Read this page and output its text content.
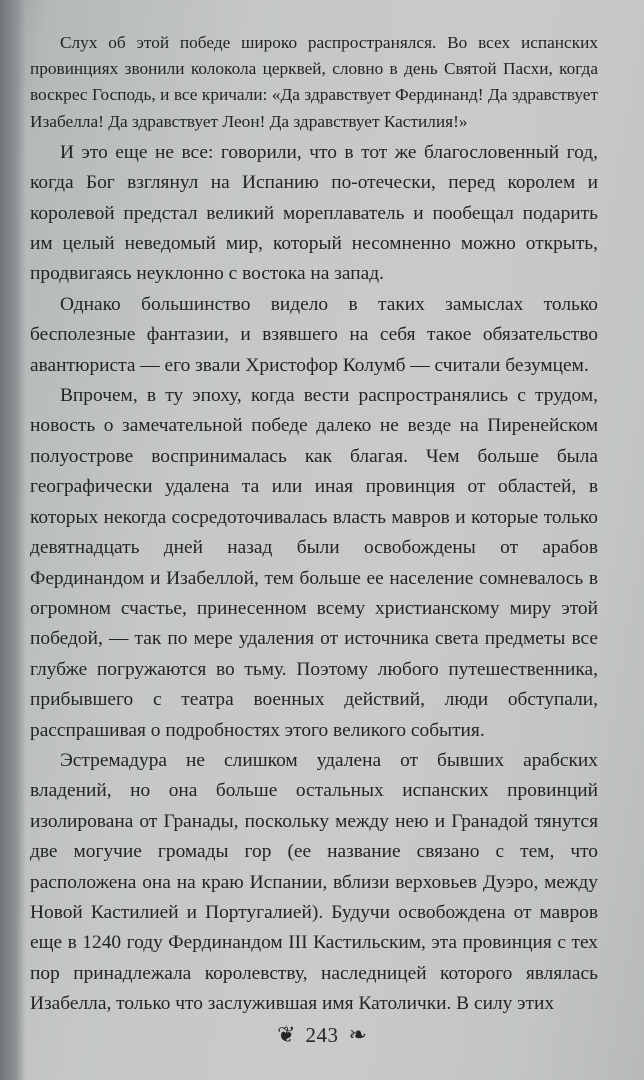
Слух об этой победе широко распространялся. Во всех испанских провинциях звонили колокола церквей, словно в день Святой Пасхи, когда воскрес Господь, и все кричали: «Да здравствует Фердинанд! Да здравствует Изабелла! Да здравствует Леон! Да здравствует Кастилия!»

И это еще не все: говорили, что в тот же благословенный год, когда Бог взглянул на Испанию по-отечески, перед королем и королевой предстал великий мореплаватель и пообещал подарить им целый неведомый мир, который несомненно можно открыть, продвигаясь неуклонно с востока на запад.

Однако большинство видело в таких замыслах только бесполезные фантазии, и взявшего на себя такое обязательство авантюриста — его звали Христофор Колумб — считали безумцем.

Впрочем, в ту эпоху, когда вести распространялись с трудом, новость о замечательной победе далеко не везде на Пиренейском полуострове воспринималась как благая. Чем больше была географически удалена та или иная провинция от областей, в которых некогда сосредоточивалась власть мавров и которые только девятнадцать дней назад были освобождены от арабов Фердинандом и Изабеллой, тем больше ее население сомневалось в огромном счастье, принесенном всему христианскому миру этой победой, — так по мере удаления от источника света предметы все глубже погружаются во тьму. Поэтому любого путешественника, прибывшего с театра военных действий, люди обступали, расспрашивая о подробностях этого великого события.

Эстремадура не слишком удалена от бывших арабских владений, но она больше остальных испанских провинций изолирована от Гранады, поскольку между нею и Гранадой тянутся две могучие громады гор (ее название связано с тем, что расположена она на краю Испании, вблизи верховьев Дуэро, между Новой Кастилией и Португалией). Будучи освобождена от мавров еще в 1240 году Фердинандом III Кастильским, эта провинция с тех пор принадлежала королевству, наследницей которого являлась Изабелла, только что заслужившая имя Католички. В силу этих

❦ 243 ❧
